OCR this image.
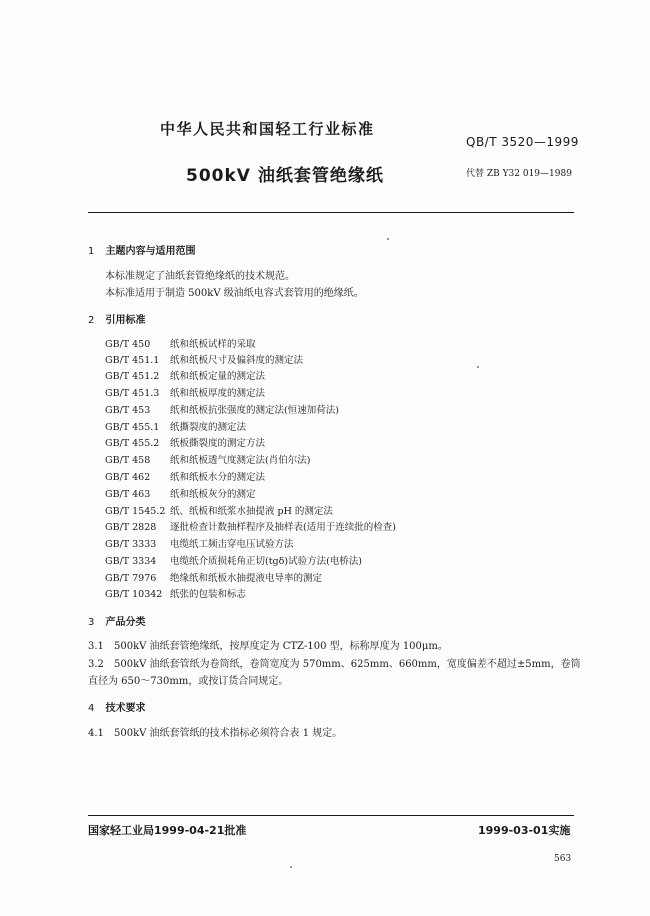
中华人民共和国轻工行业标准
QB/T 3520—1999
500kV 油纸套管绝缘纸	代替 ZB Y32 019—1989
1 主题内容与适用范围
本标准规定了油纸套管绝缘纸的技术规范。
本标准适用于制造 500kV 级油纸电容式套管用的绝缘纸。
2 引用标准
GB/T 450 纸和纸板试样的采取
GB/T 451.1 纸和纸板尺寸及偏斜度的测定法
GB/T 451.2 纸和纸板定量的测定法
GB/T 451.3 纸和纸板厚度的测定法
GB/T 453 纸和纸板抗张强度的测定法(恒速加荷法)
GB/T 455.1 纸撕裂度的测定法
GB/T 455.2 纸板撕裂度的测定方法
GB/T 458 纸和纸板透气度测定法(肖伯尔法)
GB/T 462 纸和纸板水分的测定法
GB/T 463 纸和纸板灰分的测定
GB/T 1545.2 纸、纸板和纸浆水抽提液 pH 的测定法
GB/T 2828 逐批检查计数抽样程序及抽样表(适用于连续批的检查)
GB/T 3333 电缆纸工频击穿电压试验方法
GB/T 3334 电缆纸介质损耗角正切(tgδ)试验方法(电桥法)
GB/T 7976 绝缘纸和纸板水抽提液电导率的测定
GB/T 10342 纸张的包装和标志
3 产品分类
3.1 500kV 油纸套管绝缘纸，按厚度定为 CTZ-100 型，标称厚度为 100μm。
3.2 500kV 油纸套管纸为卷筒纸，卷筒宽度为 570mm、625mm、660mm，宽度偏差不超过±5mm，卷筒
直径为 650～730mm，或按订货合同规定。
4 技术要求
4.1 500kV 油纸套管纸的技术指标必须符合表 1 规定。
国家轻工业局1999-04-21批准	1999-03-01实施
563
